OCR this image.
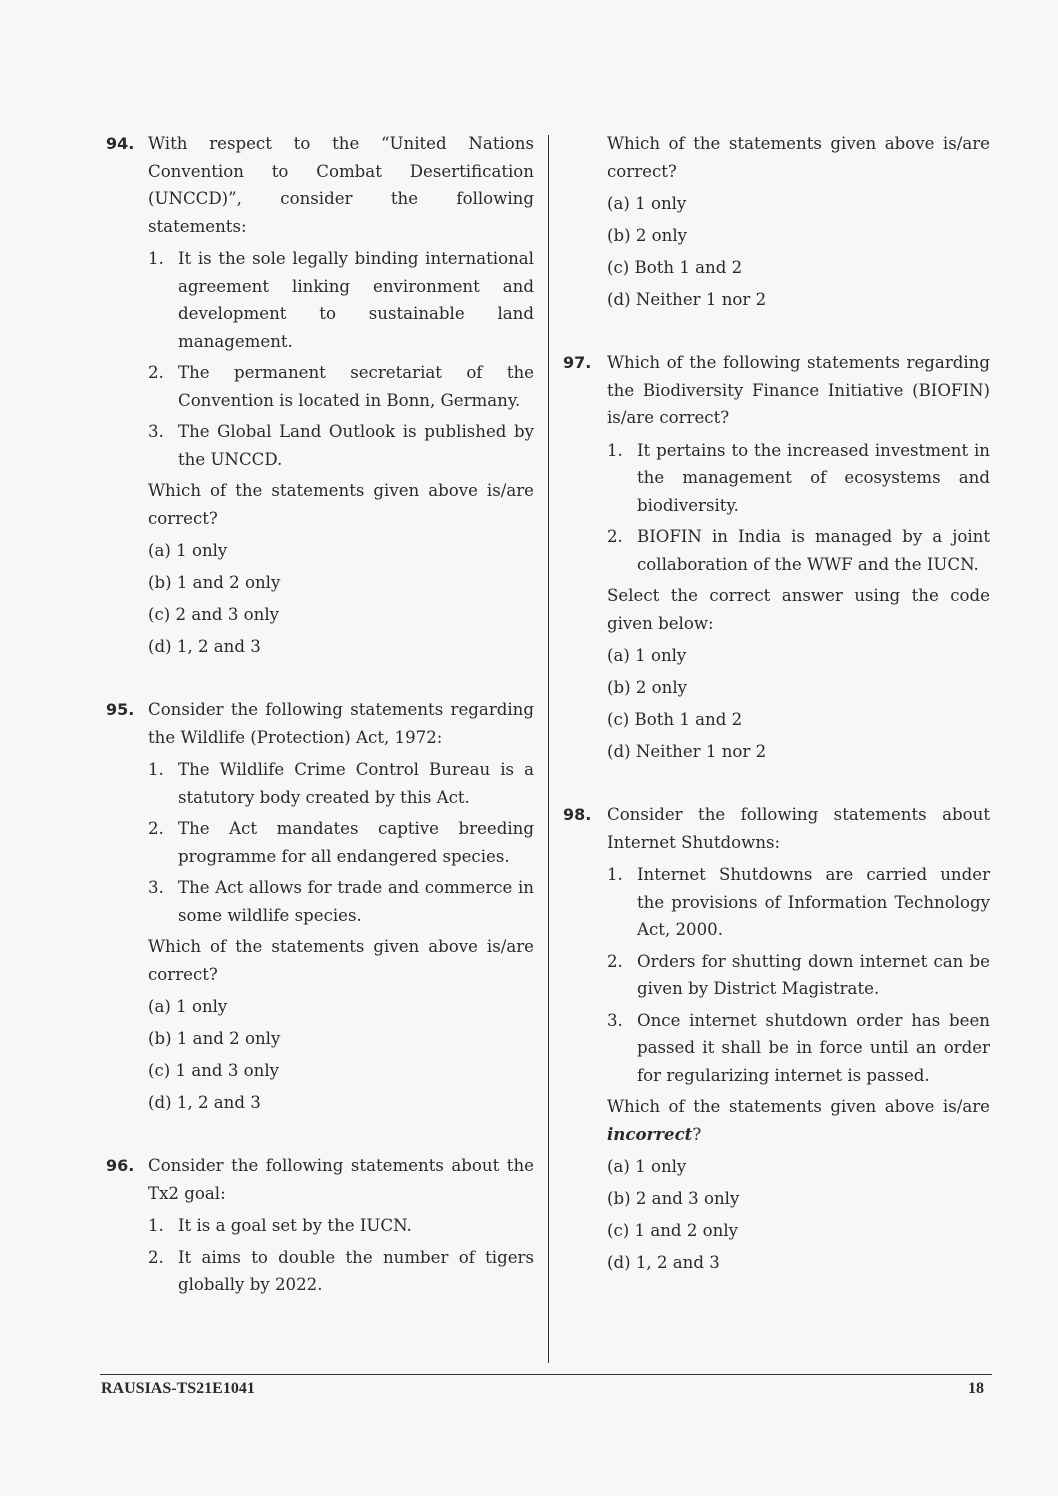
94. With respect to the “United Nations Convention to Combat Desertification (UNCCD)”, consider the following statements:
1. It is the sole legally binding international agreement linking environment and development to sustainable land management.
2. The permanent secretariat of the Convention is located in Bonn, Germany.
3. The Global Land Outlook is published by the UNCCD.
Which of the statements given above is/are correct?
(a) 1 only
(b) 1 and 2 only
(c) 2 and 3 only
(d) 1, 2 and 3
95. Consider the following statements regarding the Wildlife (Protection) Act, 1972:
1. The Wildlife Crime Control Bureau is a statutory body created by this Act.
2. The Act mandates captive breeding programme for all endangered species.
3. The Act allows for trade and commerce in some wildlife species.
Which of the statements given above is/are correct?
(a) 1 only
(b) 1 and 2 only
(c) 1 and 3 only
(d) 1, 2 and 3
96. Consider the following statements about the Tx2 goal:
1. It is a goal set by the IUCN.
2. It aims to double the number of tigers globally by 2022.
Which of the statements given above is/are correct?
(a) 1 only
(b) 2 only
(c) Both 1 and 2
(d) Neither 1 nor 2
97. Which of the following statements regarding the Biodiversity Finance Initiative (BIOFIN) is/are correct?
1. It pertains to the increased investment in the management of ecosystems and biodiversity.
2. BIOFIN in India is managed by a joint collaboration of the WWF and the IUCN.
Select the correct answer using the code given below:
(a) 1 only
(b) 2 only
(c) Both 1 and 2
(d) Neither 1 nor 2
98. Consider the following statements about Internet Shutdowns:
1. Internet Shutdowns are carried under the provisions of Information Technology Act, 2000.
2. Orders for shutting down internet can be given by District Magistrate.
3. Once internet shutdown order has been passed it shall be in force until an order for regularizing internet is passed.
Which of the statements given above is/are incorrect?
(a) 1 only
(b) 2 and 3 only
(c) 1 and 2 only
(d) 1, 2 and 3
RAUSIAS-TS21E1041	18
